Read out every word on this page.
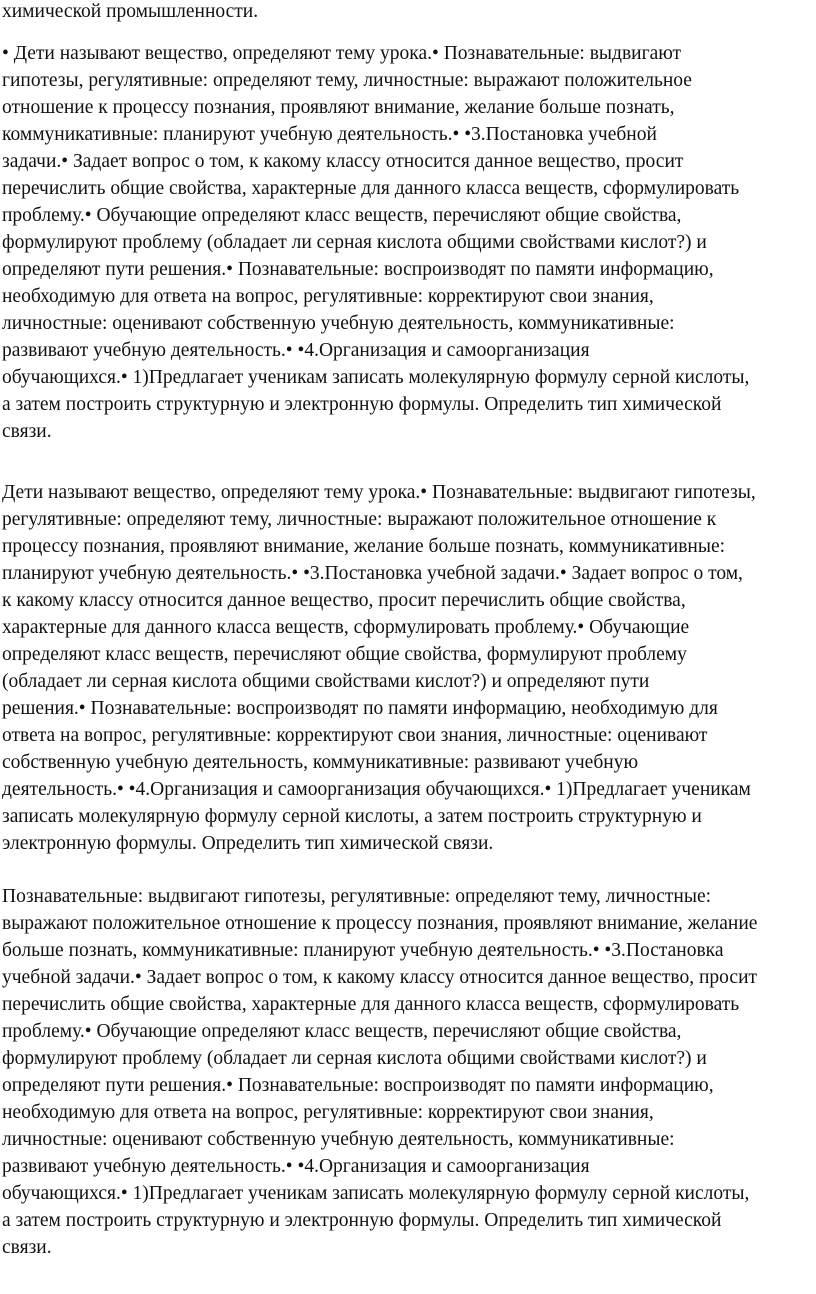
химической промышленности.
• Дети называют вещество, определяют тему урока.• Познавательные: выдвигают
гипотезы, регулятивные: определяют тему, личностные: выражают положительное
отношение к процессу познания, проявляют внимание, желание больше познать,
коммуникативные: планируют учебную деятельность.• •3.Постановка учебной
задачи.• Задает вопрос о том, к какому классу относится данное вещество, просит
перечислить общие свойства, характерные для данного класса веществ, сформулировать
проблему.• Обучающие определяют класс веществ, перечисляют общие свойства,
формулируют проблему (обладает ли серная кислота общими свойствами кислот?) и
определяют пути решения.• Познавательные: воспроизводят по памяти информацию,
необходимую для ответа на вопрос, регулятивные: корректируют свои знания,
личностные: оценивают собственную учебную деятельность, коммуникативные:
развивают учебную деятельность.• •4.Организация и самоорганизация
обучающихся.• 1)Предлагает ученикам записать молекулярную формулу серной кислоты,
а затем построить структурную и электронную формулы. Определить тип химической
связи.
Дети называют вещество, определяют тему урока.• Познавательные: выдвигают гипотезы,
регулятивные: определяют тему, личностные: выражают положительное отношение к
процессу познания, проявляют внимание, желание больше познать, коммуникативные:
планируют учебную деятельность.• •3.Постановка учебной задачи.• Задает вопрос о том,
к какому классу относится данное вещество, просит перечислить общие свойства,
характерные для данного класса веществ, сформулировать проблему.• Обучающие
определяют класс веществ, перечисляют общие свойства, формулируют проблему
(обладает ли серная кислота общими свойствами кислот?) и определяют пути
решения.• Познавательные: воспроизводят по памяти информацию, необходимую для
ответа на вопрос, регулятивные: корректируют свои знания, личностные: оценивают
собственную учебную деятельность, коммуникативные: развивают учебную
деятельность.• •4.Организация и самоорганизация обучающихся.• 1)Предлагает ученикам
записать молекулярную формулу серной кислоты, а затем построить структурную и
электронную формулы. Определить тип химической связи.
Познавательные: выдвигают гипотезы, регулятивные: определяют тему, личностные:
выражают положительное отношение к процессу познания, проявляют внимание, желание
больше познать, коммуникативные: планируют учебную деятельность.• •3.Постановка
учебной задачи.• Задает вопрос о том, к какому классу относится данное вещество, просит
перечислить общие свойства, характерные для данного класса веществ, сформулировать
проблему.• Обучающие определяют класс веществ, перечисляют общие свойства,
формулируют проблему (обладает ли серная кислота общими свойствами кислот?) и
определяют пути решения.• Познавательные: воспроизводят по памяти информацию,
необходимую для ответа на вопрос, регулятивные: корректируют свои знания,
личностные: оценивают собственную учебную деятельность, коммуникативные:
развивают учебную деятельность.• •4.Организация и самоорганизация
обучающихся.• 1)Предлагает ученикам записать молекулярную формулу серной кислоты,
а затем построить структурную и электронную формулы. Определить тип химической
связи.
